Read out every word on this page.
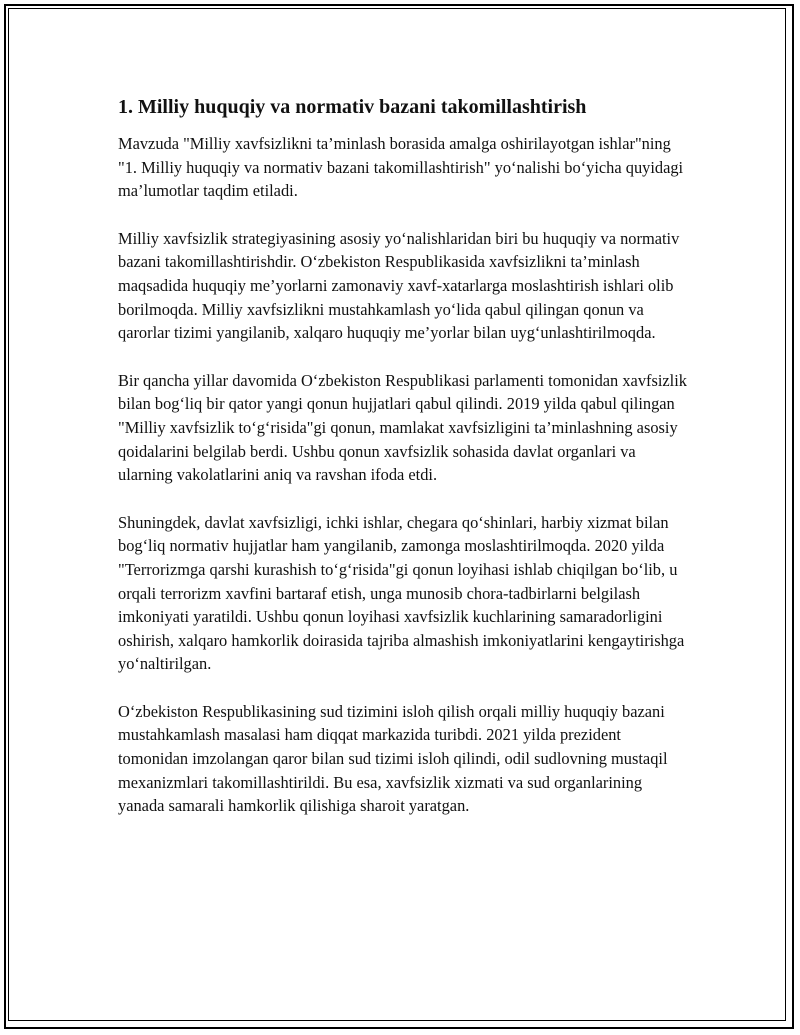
1. Milliy huquqiy va normativ bazani takomillashtirish

Mavzuda "Milliy xavfsizlikni ta’minlash borasida amalga oshirilayotgan ishlar"ning "1. Milliy huquqiy va normativ bazani takomillashtirish" yo‘nalishi bo‘yicha quyidagi ma’lumotlar taqdim etiladi.

Milliy xavfsizlik strategiyasining asosiy yo‘nalishlaridan biri bu huquqiy va normativ bazani takomillashtirishdir. O‘zbekiston Respublikasida xavfsizlikni ta’minlash maqsadida huquqiy me’yorlarni zamonaviy xavf-xatarlarga moslashtirish ishlari olib borilmoqda. Milliy xavfsizlikni mustahkamlash yo‘lida qabul qilingan qonun va qarorlar tizimi yangilanib, xalqaro huquqiy me’yorlar bilan uyg‘unlashtirilmoqda.

Bir qancha yillar davomida O‘zbekiston Respublikasi parlamenti tomonidan xavfsizlik bilan bog‘liq bir qator yangi qonun hujjatlari qabul qilindi. 2019 yilda qabul qilingan "Milliy xavfsizlik to‘g‘risida"gi qonun, mamlakat xavfsizligini ta’minlashning asosiy qoidalarini belgilab berdi. Ushbu qonun xavfsizlik sohasida davlat organlari va ularning vakolatlarini aniq va ravshan ifoda etdi.

Shuningdek, davlat xavfsizligi, ichki ishlar, chegara qo‘shinlari, harbiy xizmat bilan bog‘liq normativ hujjatlar ham yangilanib, zamonga moslashtirilmoqda. 2020 yilda "Terrorizmga qarshi kurashish to‘g‘risida"gi qonun loyihasi ishlab chiqilgan bo‘lib, u orqali terrorizm xavfini bartaraf etish, unga munosib chora-tadbirlarni belgilash imkoniyati yaratildi. Ushbu qonun loyihasi xavfsizlik kuchlarining samaradorligini oshirish, xalqaro hamkorlik doirasida tajriba almashish imkoniyatlarini kengaytirishga yo‘naltirilgan.

O‘zbekiston Respublikasining sud tizimini isloh qilish orqali milliy huquqiy bazani mustahkamlash masalasi ham diqqat markazida turibdi. 2021 yilda prezident tomonidan imzolangan qaror bilan sud tizimi isloh qilindi, odil sudlovning mustaqil mexanizmlari takomillashtirildi. Bu esa, xavfsizlik xizmati va sud organlarining yanada samarali hamkorlik qilishiga sharoit yaratgan.
